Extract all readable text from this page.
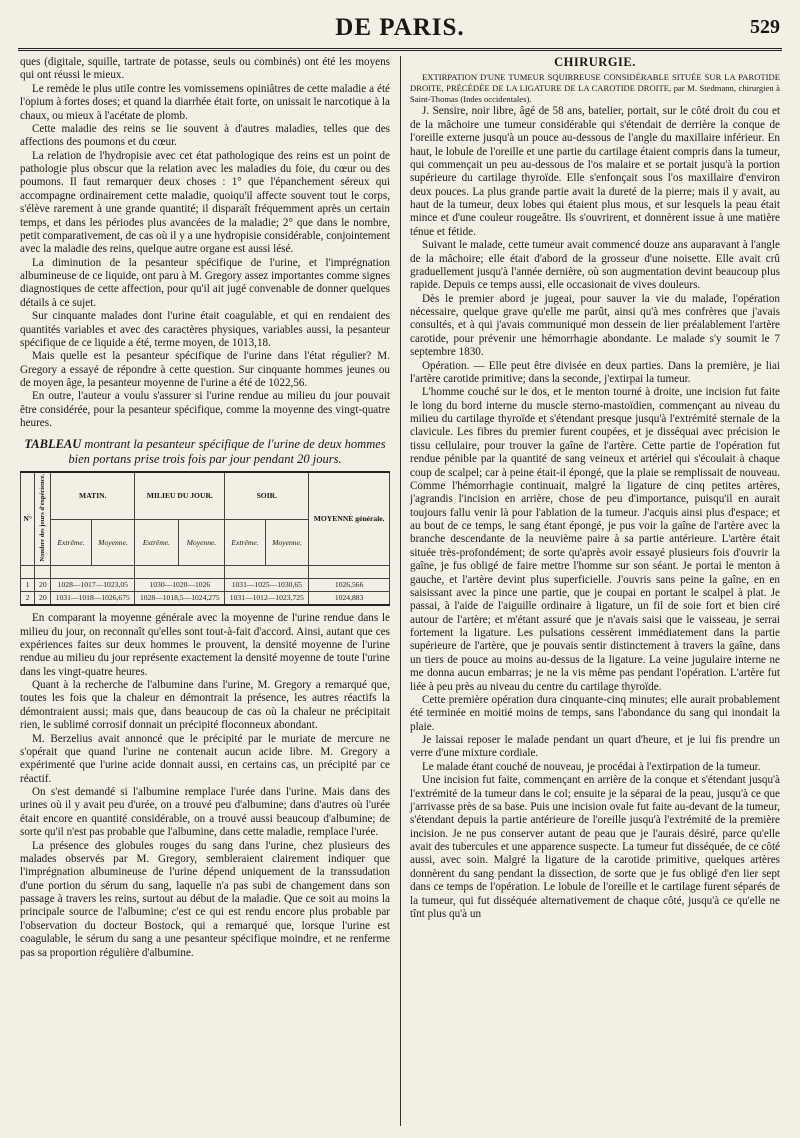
DE PARIS.	529

ques (digitale, squille, tartrate de potasse, seuls ou combinés) ont été les moyens qui ont réussi le mieux.

Le remède le plus utile contre les vomissemens opiniâtres de cette maladie a été l'opium à fortes doses; et quand la diarrhée était forte, on unissait le narcotique à la chaux, ou mieux à l'acétate de plomb.

Cette maladie des reins se lie souvent à d'autres maladies, telles que des affections des poumons et du cœur.

La relation de l'hydropisie avec cet état pathologique des reins est un point de pathologie plus obscur que la relation avec les maladies du foie, du cœur ou des poumons. Il faut remarquer deux choses : 1° que l'épanchement séreux qui accompagne ordinairement cette maladie, quoiqu'il affecte souvent tout le corps, s'élève rarement à une grande quantité; il disparaît fréquemment après un certain temps, et dans les périodes plus avancées de la maladie; 2° que dans le nombre, petit comparativement, de cas où il y a une hydropisie considérable, conjointement avec la maladie des reins, quelque autre organe est aussi lésé.

La diminution de la pesanteur spécifique de l'urine, et l'imprégnation albumineuse de ce liquide, ont paru à M. Gregory assez importantes comme signes diagnostiques de cette affection, pour qu'il ait jugé convenable de donner quelques détails à ce sujet.

Sur cinquante malades dont l'urine était coagulable, et qui en rendaient des quantités variables et avec des caractères physiques, variables aussi, la pesanteur spécifique de ce liquide a été, terme moyen, de 1013,18.

Mais quelle est la pesanteur spécifique de l'urine dans l'état régulier? M. Gregory a essayé de répondre à cette question. Sur cinquante hommes jeunes ou de moyen âge, la pesanteur moyenne de l'urine a été de 1022,56.

En outre, l'auteur a voulu s'assurer si l'urine rendue au milieu du jour pouvait être considérée, pour la pesanteur spécifique, comme la moyenne des vingt-quatre heures.

TABLEAU montrant la pesanteur spécifique de l'urine de deux hommes bien portans prise trois fois par jour pendant 20 jours.
N°	Nombre des jours d'expérience.	MATIN.		MILIEU DU JOUR.		SOIR.		MOYENNE générale.
		Extrême.	Moyenne.	Extrême.	Moyenne.	Extrême.	Moyenne.	

1	20	1028—1017—1023,05		1030—1020—1026		1031—1025—1030,65		1026,566
2	20	1031—1018—1026,675		1028—1018,5—1024,275		1031—1012—1023,725		1024,883

En comparant la moyenne générale avec la moyenne de l'urine rendue dans le milieu du jour, on reconnaît qu'elles sont tout-à-fait d'accord. Ainsi, autant que ces expériences faites sur deux hommes le prouvent, la densité moyenne de l'urine rendue au milieu du jour représente exactement la densité moyenne de toute l'urine dans les vingt-quatre heures.

Quant à la recherche de l'albumine dans l'urine, M. Gregory a remarqué que, toutes les fois que la chaleur en démontrait la présence, les autres réactifs la démontraient aussi; mais que, dans beaucoup de cas où la chaleur ne précipitait rien, le sublimé corrosif donnait un précipité floconneux abondant.

M. Berzelius avait annoncé que le précipité par le muriate de mercure ne s'opérait que quand l'urine ne contenait aucun acide libre. M. Gregory a expérimenté que l'urine acide donnait aussi, en certains cas, un précipité par ce réactif.

On s'est demandé si l'albumine remplace l'urée dans l'urine. Mais dans des urines où il y avait peu d'urée, on a trouvé peu d'albumine; dans d'autres où l'urée était encore en quantité considérable, on a trouvé aussi beaucoup d'albumine; de sorte qu'il n'est pas probable que l'albumine, dans cette maladie, remplace l'urée.

La présence des globules rouges du sang dans l'urine, chez plusieurs des malades observés par M. Gregory, sembleraient clairement indiquer que l'imprégnation albumineuse de l'urine dépend uniquement de la transsudation d'une portion du sérum du sang, laquelle n'a pas subi de changement dans son passage à travers les reins, surtout au début de la maladie. Que ce soit au moins la principale source de l'albumine; c'est ce qui est rendu encore plus probable par l'observation du docteur Bostock, qui a remarqué que, lorsque l'urine est coagulable, le sérum du sang a une pesanteur spécifique moindre, et ne renferme pas sa proportion régulière d'albumine.

CHIRURGIE.

EXTIRPATION D'UNE TUMEUR SQUIRREUSE CONSIDÉRABLE SITUÉE SUR LA PAROTIDE DROITE, PRÉCÉDÉE DE LA LIGATURE DE LA CAROTIDE DROITE, par M. Stedmann, chirurgien à Saint-Thomas (Indes occidentales).

J. Sensire, noir libre, âgé de 58 ans, batelier, portait, sur le côté droit du cou et de la mâchoire une tumeur considérable qui s'étendait de derrière la conque de l'oreille externe jusqu'à un pouce au-dessous de l'angle du maxillaire inférieur. En haut, le lobule de l'oreille et une partie du cartilage étaient compris dans la tumeur, qui commençait un peu au-dessous de l'os malaire et se portait jusqu'à la portion supérieure du cartilage thyroïde. Elle s'enfonçait sous l'os maxillaire d'environ deux pouces. La plus grande partie avait la dureté de la pierre; mais il y avait, au haut de la tumeur, deux lobes qui étaient plus mous, et sur lesquels la peau était mince et d'une couleur rougeâtre. Ils s'ouvrirent, et donnèrent issue à une matière ténue et fétide.

Suivant le malade, cette tumeur avait commencé douze ans auparavant à l'angle de la mâchoire; elle était d'abord de la grosseur d'une noisette. Elle avait crû graduellement jusqu'à l'année dernière, où son augmentation devint beaucoup plus rapide. Depuis ce temps aussi, elle occasionait de vives douleurs.

Dès le premier abord je jugeai, pour sauver la vie du malade, l'opération nécessaire, quelque grave qu'elle me parût, ainsi qu'à mes confrères que j'avais consultés, et à qui j'avais communiqué mon dessein de lier préalablement l'artère carotide, pour prévenir une hémorrhagie abondante. Le malade s'y soumit le 7 septembre 1830.

Opération. — Elle peut être divisée en deux parties. Dans la première, je liai l'artère carotide primitive; dans la seconde, j'extirpai la tumeur.

L'homme couché sur le dos, et le menton tourné à droite, une incision fut faite le long du bord interne du muscle sterno-mastoïdien, commençant au niveau du milieu du cartilage thyroïde et s'étendant presque jusqu'à l'extrémité sternale de la clavicule. Les fibres du premier furent coupées, et je disséquai avec précision le tissu cellulaire, pour trouver la gaîne de l'artère. Cette partie de l'opération fut rendue pénible par la quantité de sang veineux et artériel qui s'écoulait à chaque coup de scalpel; car à peine était-il épongé, que la plaie se remplissait de nouveau. Comme l'hémorrhagie continuait, malgré la ligature de cinq petites artères, j'agrandis l'incision en arrière, chose de peu d'importance, puisqu'il en aurait toujours fallu venir là pour l'ablation de la tumeur. J'acquis ainsi plus d'espace; et au bout de ce temps, le sang étant épongé, je pus voir la gaîne de l'artère avec la branche descendante de la neuvième paire à sa partie antérieure. L'artère était située très-profondément; de sorte qu'après avoir essayé plusieurs fois d'ouvrir la gaîne, je fus obligé de faire mettre l'homme sur son séant. Je portai le menton à gauche, et l'artère devint plus superficielle. J'ouvris sans peine la gaîne, en en saisissant avec la pince une partie, que je coupai en portant le scalpel à plat. Je passai, à l'aide de l'aiguille ordinaire à ligature, un fil de soie fort et bien ciré autour de l'artère; et m'étant assuré que je n'avais saisi que le vaisseau, je serrai fortement la ligature. Les pulsations cessèrent immédiatement dans la partie supérieure de l'artère, que je pouvais sentir distinctement à travers la gaîne, dans un tiers de pouce au moins au-dessus de la ligature. La veine jugulaire interne ne me donna aucun embarras; je ne la vis même pas pendant l'opération. L'artère fut liée à peu près au niveau du centre du cartilage thyroïde.

Cette première opération dura cinquante-cinq minutes; elle aurait probablement été terminée en moitié moins de temps, sans l'abondance du sang qui inondait la plaie.

Je laissai reposer le malade pendant un quart d'heure, et je lui fis prendre un verre d'une mixture cordiale.

Le malade étant couché de nouveau, je procédai à l'extirpation de la tumeur.

Une incision fut faite, commençant en arrière de la conque et s'étendant jusqu'à l'extrémité de la tumeur dans le col; ensuite je la séparai de la peau, jusqu'à ce que j'arrivasse près de sa base. Puis une incision ovale fut faite au-devant de la tumeur, s'étendant depuis la partie antérieure de l'oreille jusqu'à l'extrémité de la première incision. Je ne pus conserver autant de peau que je l'aurais désiré, parce qu'elle avait des tubercules et une apparence suspecte. La tumeur fut disséquée, de ce côté aussi, avec soin. Malgré la ligature de la carotide primitive, quelques artères donnèrent du sang pendant la dissection, de sorte que je fus obligé d'en lier sept dans ce temps de l'opération. Le lobule de l'oreille et le cartilage furent séparés de la tumeur, qui fut disséquée alternativement de chaque côté, jusqu'à ce qu'elle ne tînt plus qu'à un
